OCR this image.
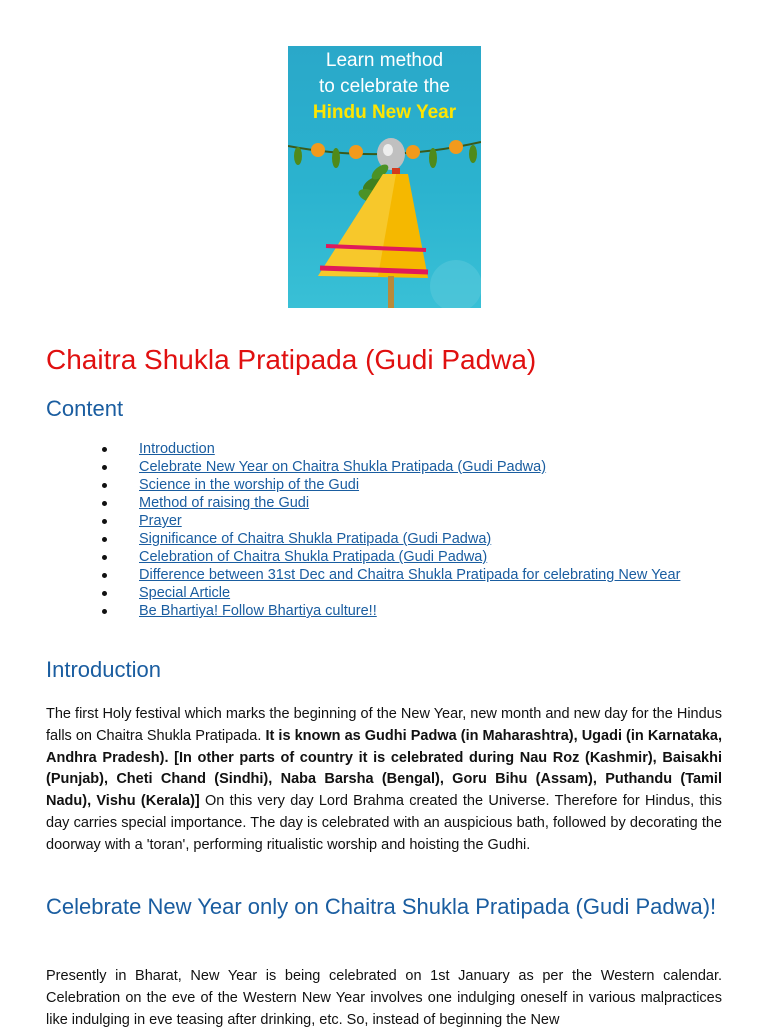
Learn method
to celebrate the
Hindu New Year
Chaitra Shukla Pratipada (Gudi Padwa)
Content
Introduction
Celebrate New Year on Chaitra Shukla Pratipada (Gudi Padwa)
Science in the worship of the Gudi
Method of raising the Gudi
Prayer
Significance of Chaitra Shukla Pratipada (Gudi Padwa)
Celebration of Chaitra Shukla Pratipada (Gudi Padwa)
Difference between 31st Dec and Chaitra Shukla Pratipada for celebrating New Year
Special Article
Be Bhartiya! Follow Bhartiya culture!!
Introduction

The first Holy festival which marks the beginning of the New Year, new month and new day for the Hindus falls on Chaitra Shukla Pratipada. It is known as Gudhi Padwa (in Maharashtra), Ugadi (in Karnataka, Andhra Pradesh). [In other parts of country it is celebrated during Nau Roz (Kashmir), Baisakhi (Punjab), Cheti Chand (Sindhi), Naba Barsha (Bengal), Goru Bihu (Assam), Puthandu (Tamil Nadu), Vishu (Kerala)] On this very day Lord Brahma created the Universe. Therefore for Hindus, this day carries special importance. The day is celebrated with an auspicious bath, followed by decorating the doorway with a 'toran', performing ritualistic worship and hoisting the Gudhi.

Celebrate New Year only on Chaitra Shukla Pratipada (Gudi Padwa)!

Presently in Bharat, New Year is being celebrated on 1st January as per the Western calendar. Celebration on the eve of the Western New Year involves one indulging oneself in various malpractices like indulging in eve teasing after drinking, etc. So, instead of beginning the New
